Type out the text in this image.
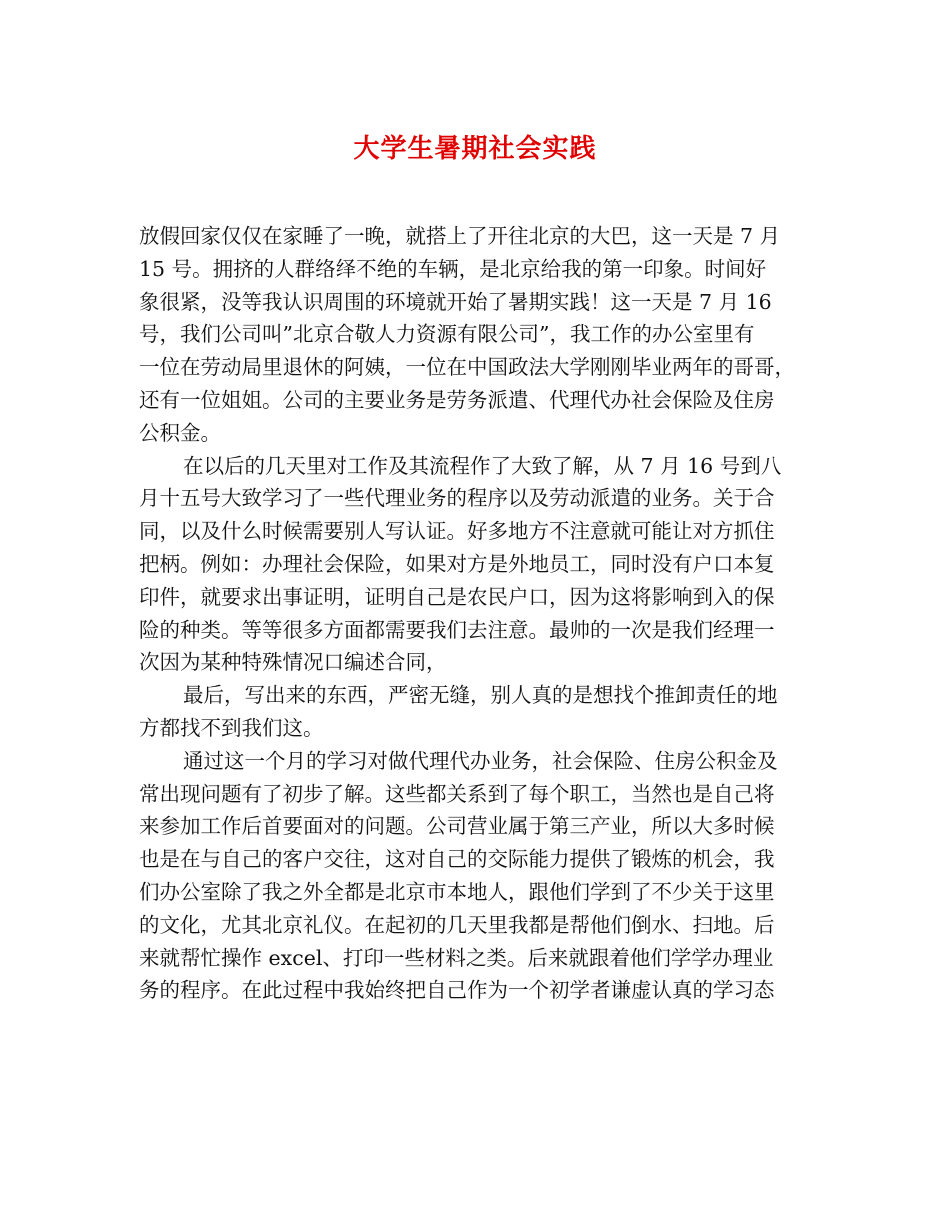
大学生暑期社会实践
放假回家仅仅在家睡了一晚，就搭上了开往北京的大巴，这一天是 7 月
15 号。拥挤的人群络绎不绝的车辆，是北京给我的第一印象。时间好
象很紧，没等我认识周围的环境就开始了暑期实践！这一天是 7 月 16
号，我们公司叫”北京合敬人力资源有限公司”，我工作的办公室里有
一位在劳动局里退休的阿姨，一位在中国政法大学刚刚毕业两年的哥哥，
还有一位姐姐。公司的主要业务是劳务派遣、代理代办社会保险及住房
公积金。
在以后的几天里对工作及其流程作了大致了解，从 7 月 16 号到八
月十五号大致学习了一些代理业务的程序以及劳动派遣的业务。关于合
同，以及什么时候需要别人写认证。好多地方不注意就可能让对方抓住
把柄。例如：办理社会保险，如果对方是外地员工，同时没有户口本复
印件，就要求出事证明，证明自己是农民户口，因为这将影响到入的保
险的种类。等等很多方面都需要我们去注意。最帅的一次是我们经理一
次因为某种特殊情况口编述合同，
最后，写出来的东西，严密无缝，别人真的是想找个推卸责任的地
方都找不到我们这。
通过这一个月的学习对做代理代办业务，社会保险、住房公积金及
常出现问题有了初步了解。这些都关系到了每个职工，当然也是自己将
来参加工作后首要面对的问题。公司营业属于第三产业，所以大多时候
也是在与自己的客户交往，这对自己的交际能力提供了锻炼的机会，我
们办公室除了我之外全都是北京市本地人，跟他们学到了不少关于这里
的文化，尤其北京礼仪。在起初的几天里我都是帮他们倒水、扫地。后
来就帮忙操作 excel、打印一些材料之类。后来就跟着他们学学办理业
务的程序。在此过程中我始终把自己作为一个初学者谦虚认真的学习态
